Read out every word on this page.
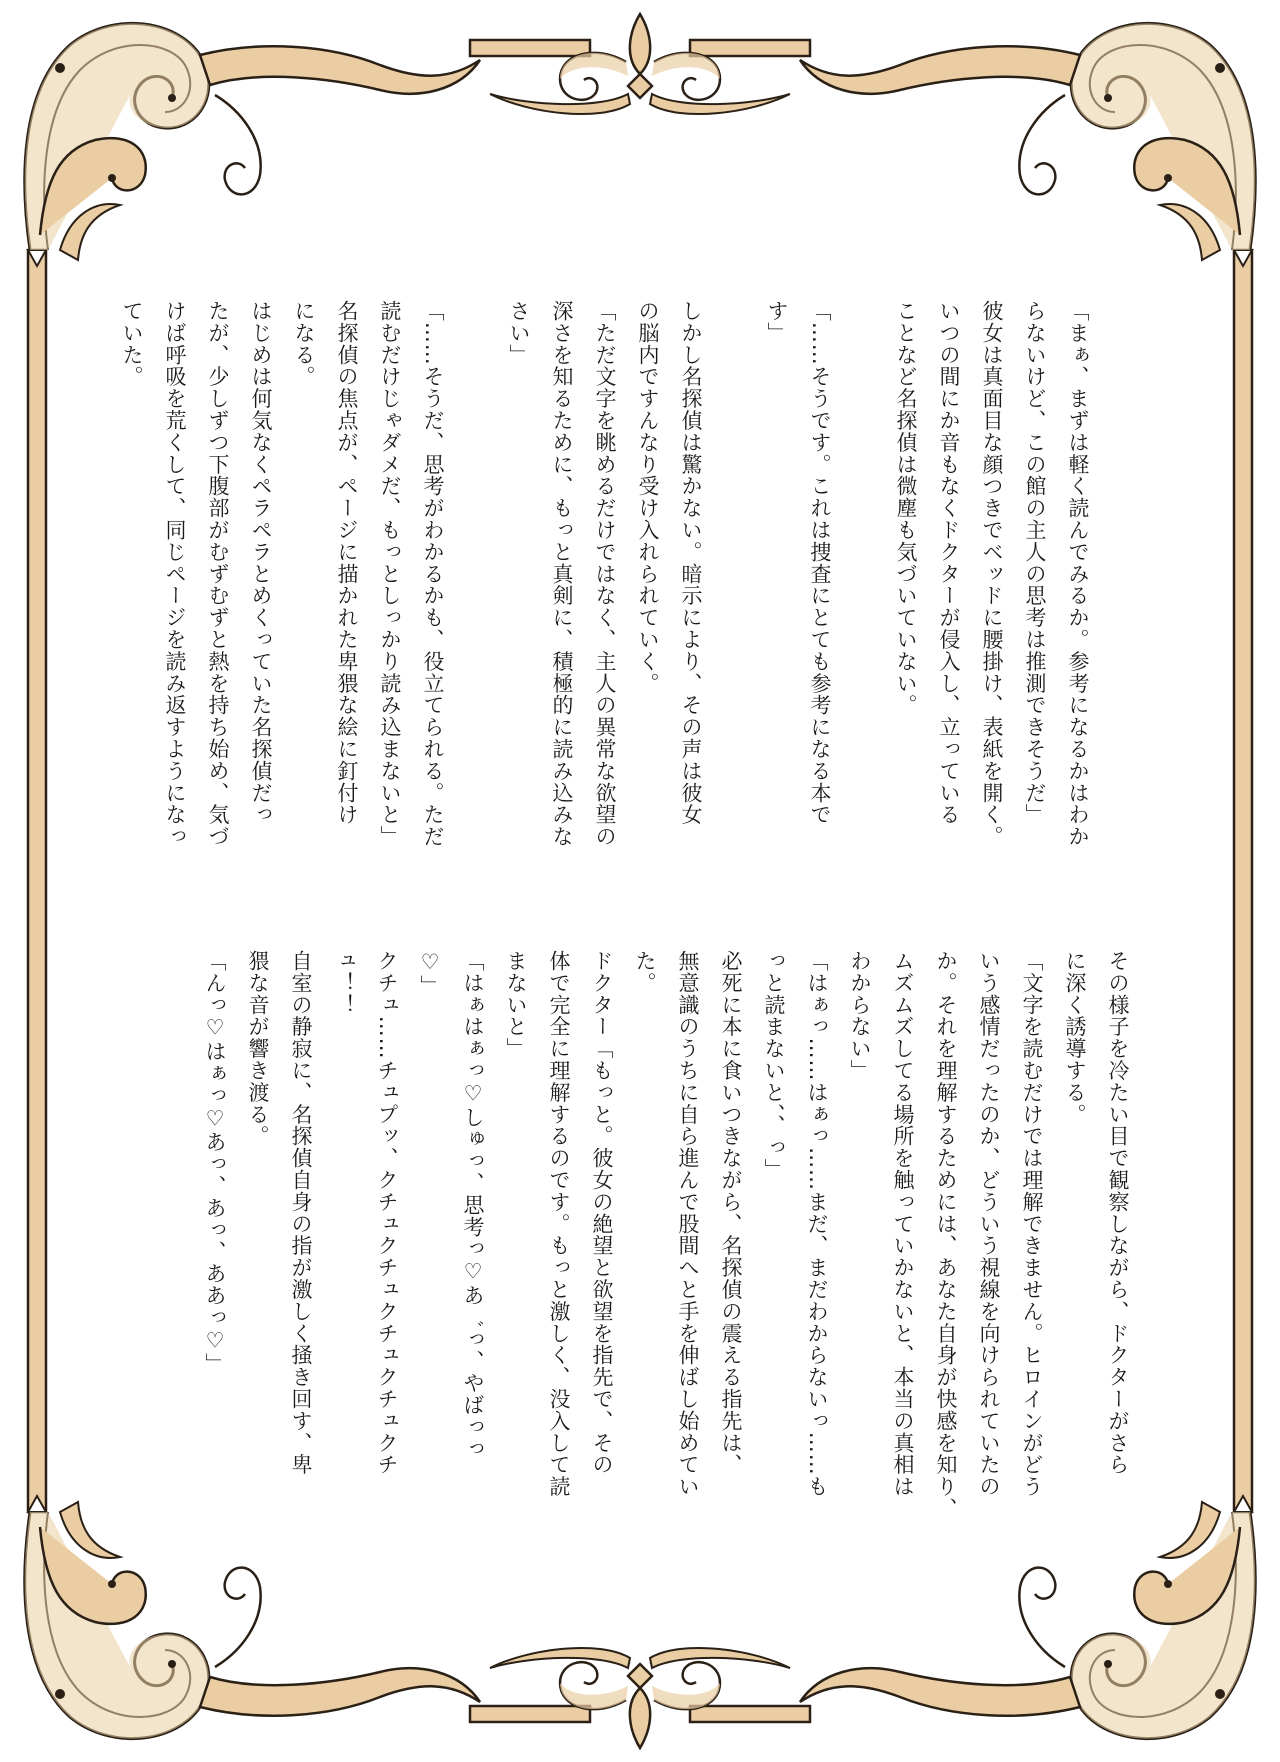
「まぁ、まずは軽く読んでみるか。参考になるかはわか
らないけど、この館の主人の思考は推測できそうだ」
彼女は真面目な顔つきでベッドに腰掛け、表紙を開く。
いつの間にか音もなくドクターが侵入し、立っている
ことなど名探偵は微塵も気づいていない。
「……そうです。これは捜査にとても参考になる本で
す」
しかし名探偵は驚かない。暗示により、その声は彼女
の脳内ですんなり受け入れられていく。
「ただ文字を眺めるだけではなく、主人の異常な欲望の
深さを知るために、もっと真剣に、積極的に読み込みな
さい」
「……そうだ、思考がわかるかも、役立てられる。ただ
読むだけじゃダメだ、もっとしっかり読み込まないと」
名探偵の焦点が、ページに描かれた卑猥な絵に釘付け
になる。
はじめは何気なくペラペラとめくっていた名探偵だっ
たが、少しずつ下腹部がむずむずと熱を持ち始め、気づ
けば呼吸を荒くして、同じページを読み返すようになっ
ていた。
その様子を冷たい目で観察しながら、ドクターがさら
に深く誘導する。
「文字を読むだけでは理解できません。ヒロインがどう
いう感情だったのか、どういう視線を向けられていたの
か。それを理解するためには、あなた自身が快感を知り、
ムズムズしてる場所を触っていかないと、本当の真相は
わからない」
「はぁっ……はぁっ……まだ、まだわからないっ……も
っと読まないと、、っ」
必死に本に食いつきながら、名探偵の震える指先は、
無意識のうちに自ら進んで股間へと手を伸ばし始めてい
た。
ドクター「もっと。彼女の絶望と欲望を指先で、その
体で完全に理解するのです。もっと激しく、没入して読
まないと」
「はぁはぁっ♡しゅっ、思考っ♡あ゛っ、やばっっ
♡」
クチュ……チュプッ、クチュクチュクチュクチュクチ
ュ！！
自室の静寂に、名探偵自身の指が激しく掻き回す、卑
猥な音が響き渡る。
「んっ♡はぁっ♡あっ、あっ、ああっ♡」
